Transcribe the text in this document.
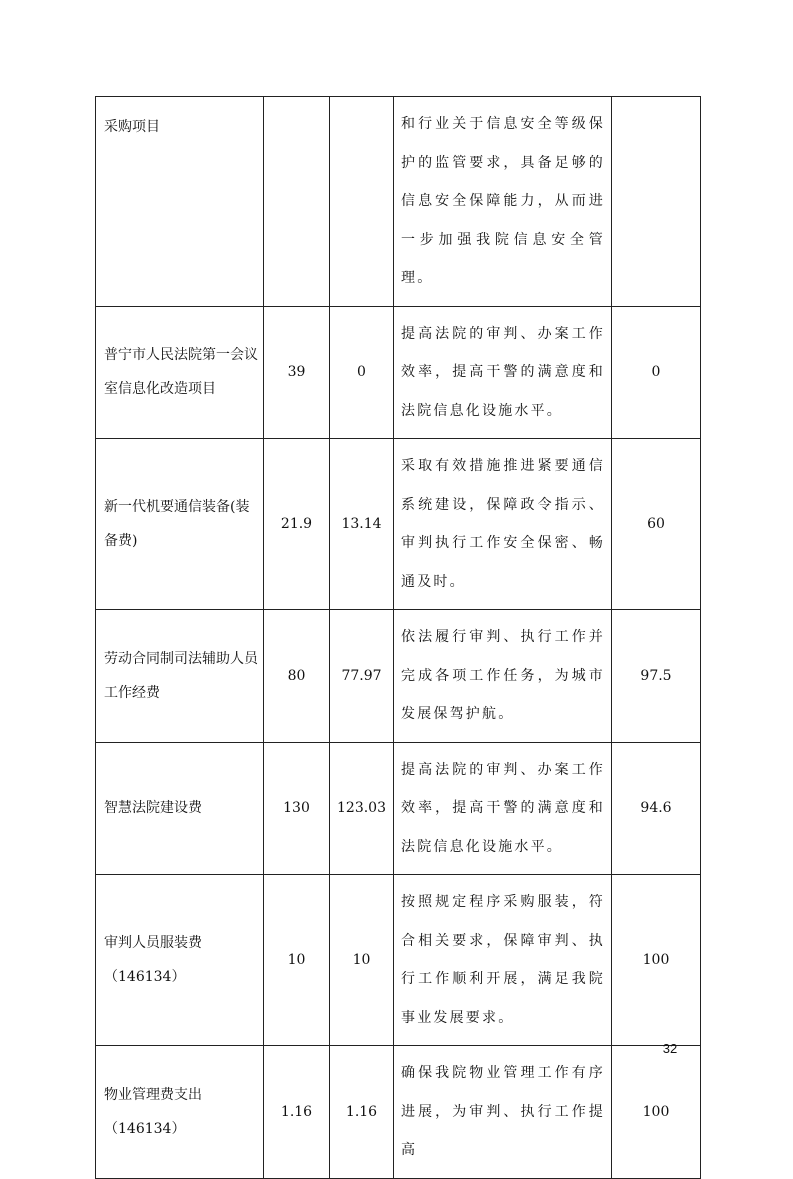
采购项目			和行业关于信息安全等级保护的监管要求，具备足够的信息安全保障能力，从而进一步加强我院信息安全管理。	
普宁市人民法院第一会议室信息化改造项目	39	0	提高法院的审判、办案工作效率，提高干警的满意度和法院信息化设施水平。	0
新一代机要通信装备(装备费)	21.9	13.14	采取有效措施推进紧要通信系统建设，保障政令指示、审判执行工作安全保密、畅通及时。	60
劳动合同制司法辅助人员工作经费	80	77.97	依法履行审判、执行工作并完成各项工作任务，为城市发展保驾护航。	97.5
智慧法院建设费	130	123.03	提高法院的审判、办案工作效率，提高干警的满意度和法院信息化设施水平。	94.6
审判人员服装费（146134）	10	10	按照规定程序采购服装，符合相关要求，保障审判、执行工作顺利开展，满足我院事业发展要求。	100
物业管理费支出（146134）	1.16	1.16	确保我院物业管理工作有序进展，为审判、执行工作提高	100
32
